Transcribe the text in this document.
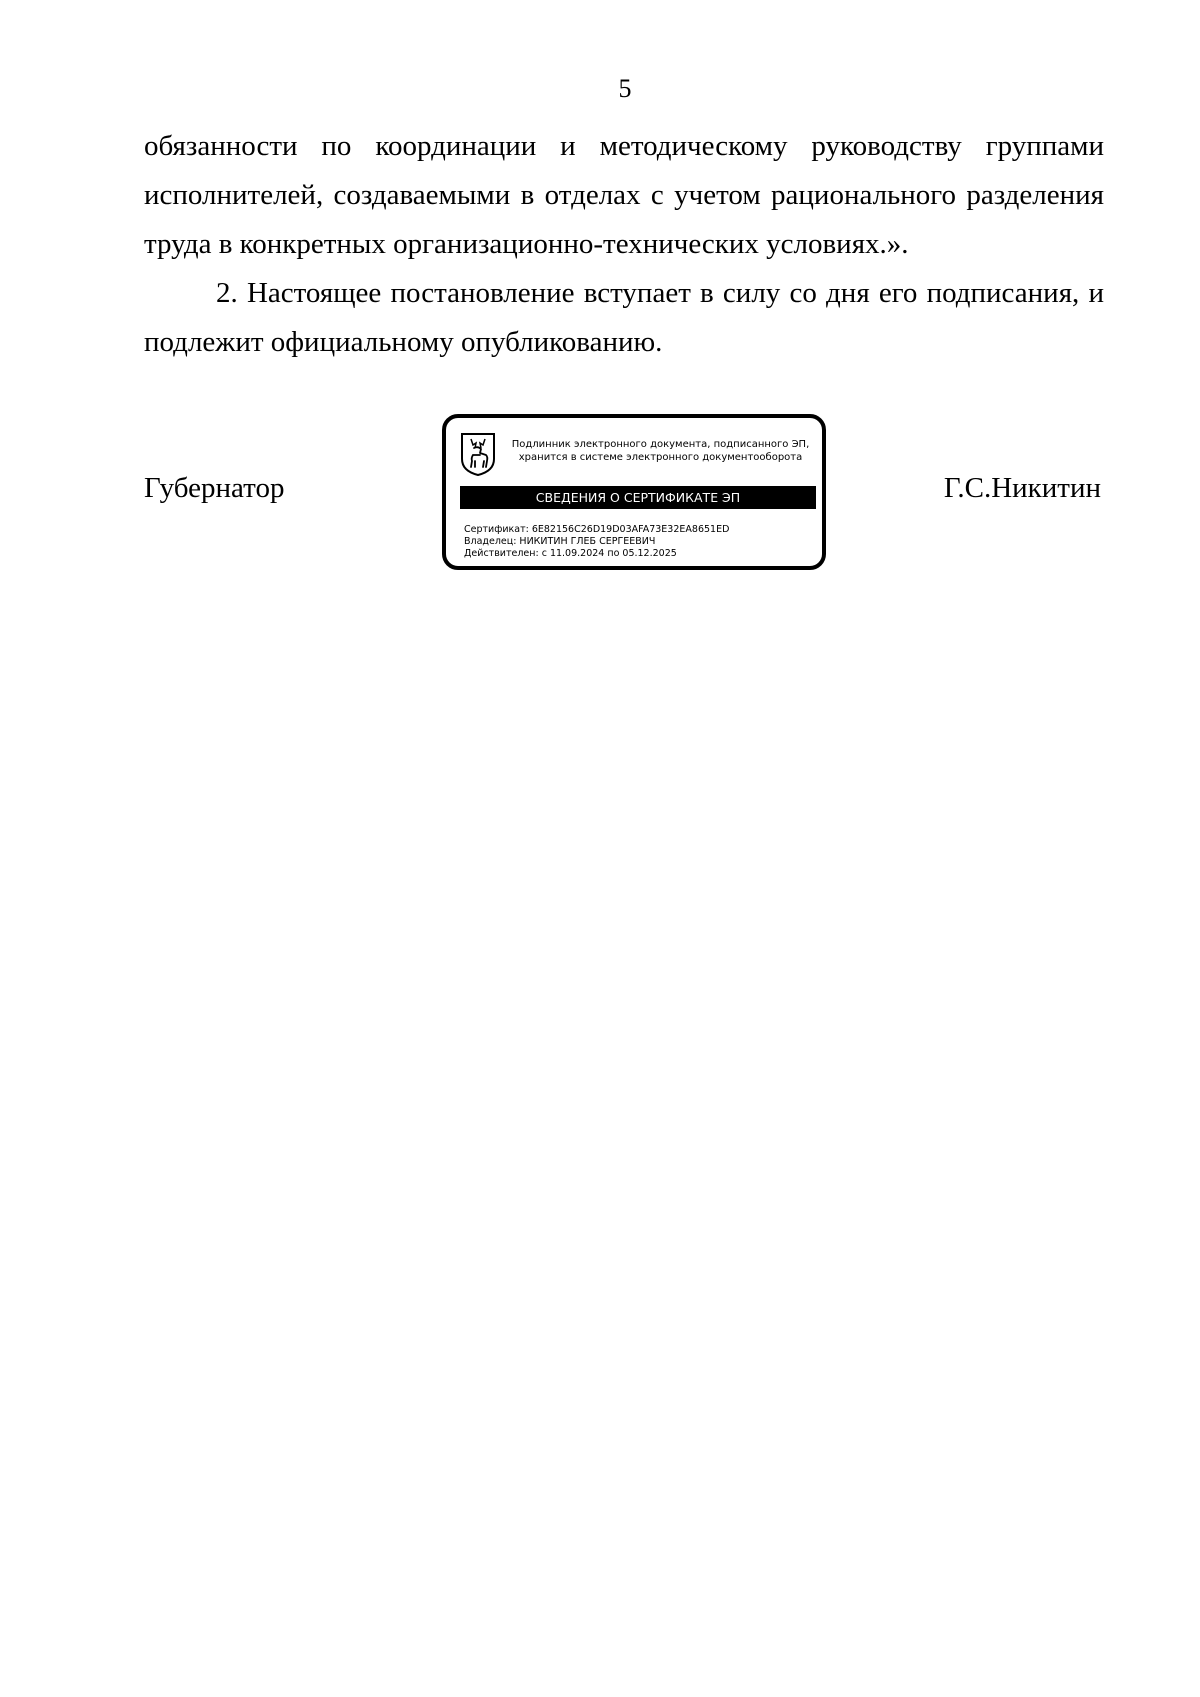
5

обязанности по координации и методическому руководству группами исполнителей, создаваемыми в отделах с учетом рационального разделения труда в конкретных организационно-технических условиях.».

2. Настоящее постановление вступает в силу со дня его подписания, и подлежит официальному опубликованию.

Губернатор
Подлинник электронного документа, подписанного ЭП,
хранится в системе электронного документооборота
СВЕДЕНИЯ О СЕРТИФИКАТЕ ЭП
Сертификат: 6E82156C26D19D03AFA73E32EA8651ED
Владелец: НИКИТИН ГЛЕБ СЕРГЕЕВИЧ
Действителен: с 11.09.2024 по 05.12.2025
Г.С.Никитин
